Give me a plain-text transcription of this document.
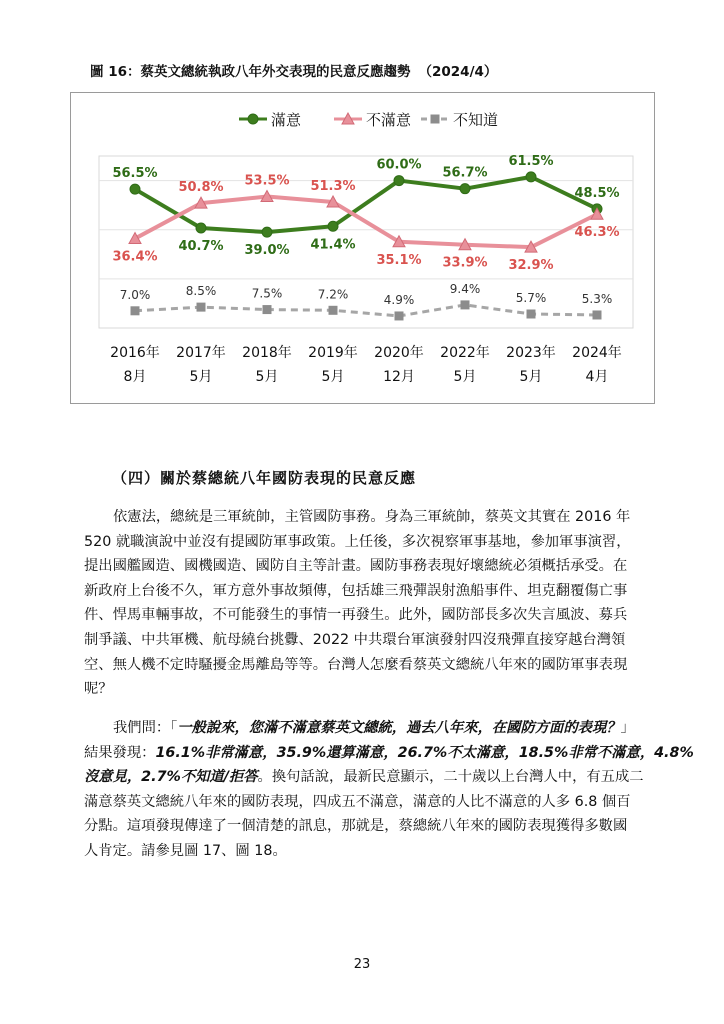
圖 16：蔡英文總統執政八年外交表現的民意反應趨勢 （2024/4）
滿意	不滿意	不知道
56.5%
40.7% 39.0% 41.4%
60.0%
56.7%
61.5%
48.5%
36.4%
50.8% 53.5% 51.3%
35.1% 33.9% 32.9%
46.3%
7.0%	8.5%	7.5%	7.2%	4.9%
9.4%
5.7%	5.3%
2016年
8月
2017年
5月
2018年
5月
2019年
5月
2020年
12月
2022年
5月
2023年
5月
2024年
4月
（四）關於蔡總統八年國防表現的民意反應

依憲法，總統是三軍統帥，主管國防事務。身為三軍統帥，蔡英文其實在 2016 年
520 就職演說中並沒有提國防軍事政策。上任後，多次視察軍事基地，參加軍事演習，
提出國艦國造、國機國造、國防自主等計畫。國防事務表現好壞總統必須概括承受。在
新政府上台後不久，軍方意外事故頻傳，包括雄三飛彈誤射漁船事件、坦克翻覆傷亡事
件、悍馬車輛事故，不可能發生的事情一再發生。此外，國防部長多次失言風波、募兵
制爭議、中共軍機、航母繞台挑釁、2022 中共環台軍演發射四沒飛彈直接穿越台灣領
空、無人機不定時騷擾金馬離島等等。台灣人怎麼看蔡英文總統八年來的國防軍事表現
呢？

我們問：「一般說來，您滿不滿意蔡英文總統，過去八年來，在國防方面的表現？」
結果發現：16.1%非常滿意，35.9%還算滿意，26.7%不太滿意，18.5%非常不滿意，4.8%
沒意見，2.7%不知道/拒答。換句話說，最新民意顯示，二十歲以上台灣人中，有五成二
滿意蔡英文總統八年來的國防表現，四成五不滿意，滿意的人比不滿意的人多 6.8 個百
分點。這項發現傳達了一個清楚的訊息，那就是，蔡總統八年來的國防表現獲得多數國
人肯定。請參見圖 17、圖 18。

23
